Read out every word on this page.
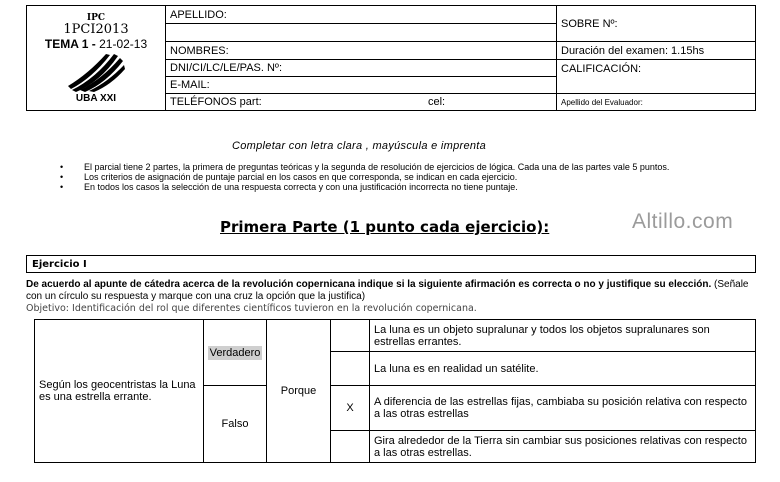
IPC
1PCI2013
TEMA 1 - 21-02-13
UBA XXI	APELLIDO:		SOBRE Nº:

	NOMBRES:		Duración del examen: 1.15hs
	DNI/CI/LC/LE/PAS. Nº:		CALIFICACIÓN:
	E-MAIL:		
	TELÉFONOS part:	cel:	Apellido del Evaluador:
Completar con letra clara , mayúscula e imprenta
• El parcial tiene 2 partes, la primera de preguntas teóricas y la segunda de resolución de ejercicios de lógica. Cada una de las partes vale 5 puntos.
• Los criterios de asignación de puntaje parcial en los casos en que corresponda, se indican en cada ejercicio.
• En todos los casos la selección de una respuesta correcta y con una justificación incorrecta no tiene puntaje.
Altillo.com
Primera Parte (1 punto cada ejercicio):
Ejercicio I
De acuerdo al apunte de cátedra acerca de la revolución copernicana indique si la siguiente afirmación es correcta o no y justifique su elección. (Señale con un círculo su respuesta y marque con una cruz la opción que la justifica)
Objetivo: Identificación del rol que diferentes científicos tuvieron en la revolución copernicana.
Según los geocentristas la Luna es una estrella errante.	Verdadero	Porque		La luna es un objeto supralunar y todos los objetos supralunares son estrellas errantes.
				La luna es en realidad un satélite.
	Falso		X	A diferencia de las estrellas fijas, cambiaba su posición relativa con respecto a las otras estrellas
				Gira alrededor de la Tierra sin cambiar sus posiciones relativas con respecto a las otras estrellas.
